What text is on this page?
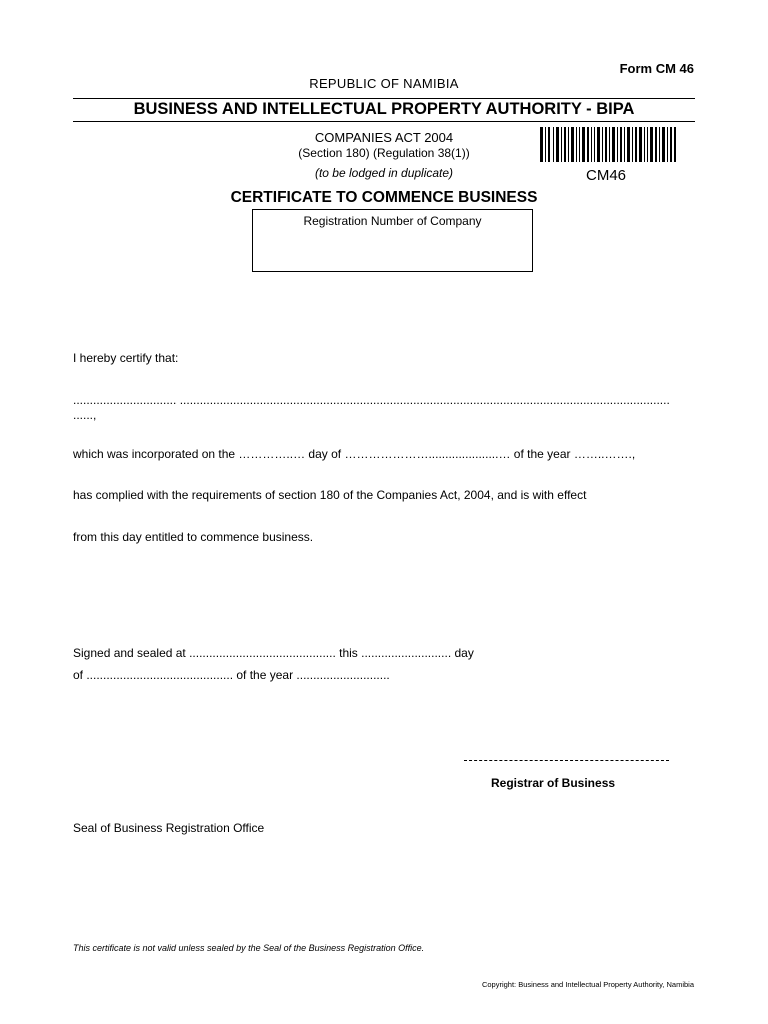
Form CM 46
REPUBLIC OF NAMIBIA
BUSINESS AND INTELLECTUAL PROPERTY AUTHORITY - BIPA
COMPANIES ACT 2004
(Section 180) (Regulation 38(1))
(to be lodged in duplicate)	CM46
CERTIFICATE TO COMMENCE BUSINESS
Registration Number of Company
I hereby certify that:
............................... ...................................................................................................................................................
......,
which was incorporated on the …………..… day of ………………….....................… of the year ……..…….,
has complied with the requirements of section 180 of the Companies Act, 2004, and is with effect
from this day entitled to commence business.
Signed and sealed at ............................................ this ........................... day
of ............................................ of the year ............................
Registrar of Business
Seal of Business Registration Office
This certificate is not valid unless sealed by the Seal of the Business Registration Office.
Copyright: Business and Intellectual Property Authority, Namibia
